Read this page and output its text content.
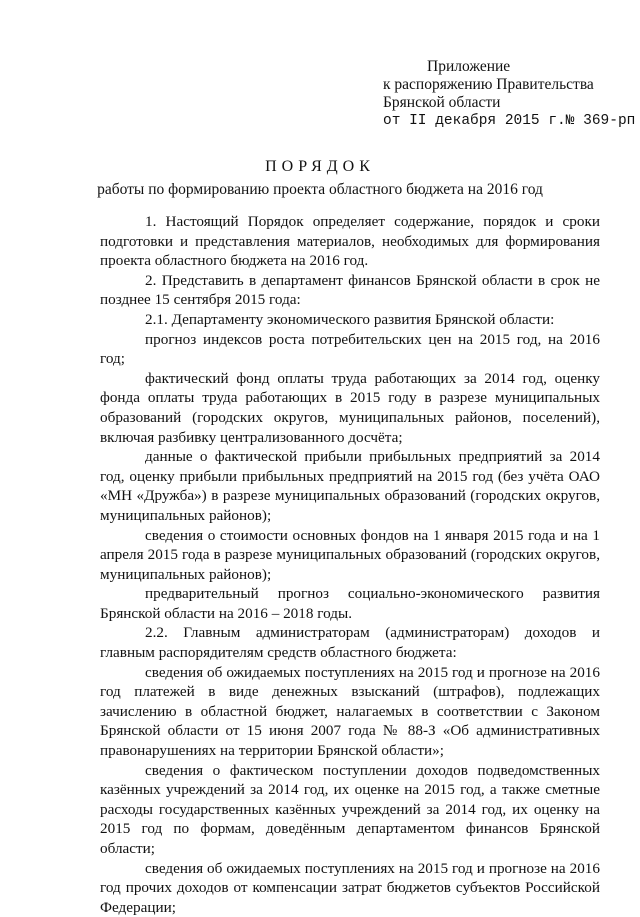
Приложение
к распоряжению Правительства
Брянской области
от II декабря 2015 г.№ 369-рп
ПОРЯДОК
работы по формированию проекта областного бюджета на 2016 год

1. Настоящий Порядок определяет содержание, порядок и сроки подготовки и представления материалов, необходимых для формирования проекта областного бюджета на 2016 год.

2. Представить в департамент финансов Брянской области в срок не позднее 15 сентября 2015 года:

2.1. Департаменту экономического развития Брянской области:

прогноз индексов роста потребительских цен на 2015 год, на 2016 год;

фактический фонд оплаты труда работающих за 2014 год, оценку фонда оплаты труда работающих в 2015 году в разрезе муниципальных образований (городских округов, муниципальных районов, поселений), включая разбивку централизованного досчёта;

данные о фактической прибыли прибыльных предприятий за 2014 год, оценку прибыли прибыльных предприятий на 2015 год (без учёта ОАО «МН «Дружба») в разрезе муниципальных образований (городских округов, муниципальных районов);

сведения о стоимости основных фондов на 1 января 2015 года и на 1 апреля 2015 года в разрезе муниципальных образований (городских округов, муниципальных районов);

предварительный прогноз социально-экономического развития Брянской области на 2016 – 2018 годы.

2.2. Главным администраторам (администраторам) доходов и главным распорядителям средств областного бюджета:

сведения об ожидаемых поступлениях на 2015 год и прогнозе на 2016 год платежей в виде денежных взысканий (штрафов), подлежащих зачислению в областной бюджет, налагаемых в соответствии с Законом Брянской области от 15 июня 2007 года № 88-З «Об административных правонарушениях на территории Брянской области»;

сведения о фактическом поступлении доходов подведомственных казённых учреждений за 2014 год, их оценке на 2015 год, а также сметные расходы государственных казённых учреждений за 2014 год, их оценку на 2015 год по формам, доведённым департаментом финансов Брянской области;

сведения об ожидаемых поступлениях на 2015 год и прогнозе на 2016 год прочих доходов от компенсации затрат бюджетов субъектов Российской Федерации;
